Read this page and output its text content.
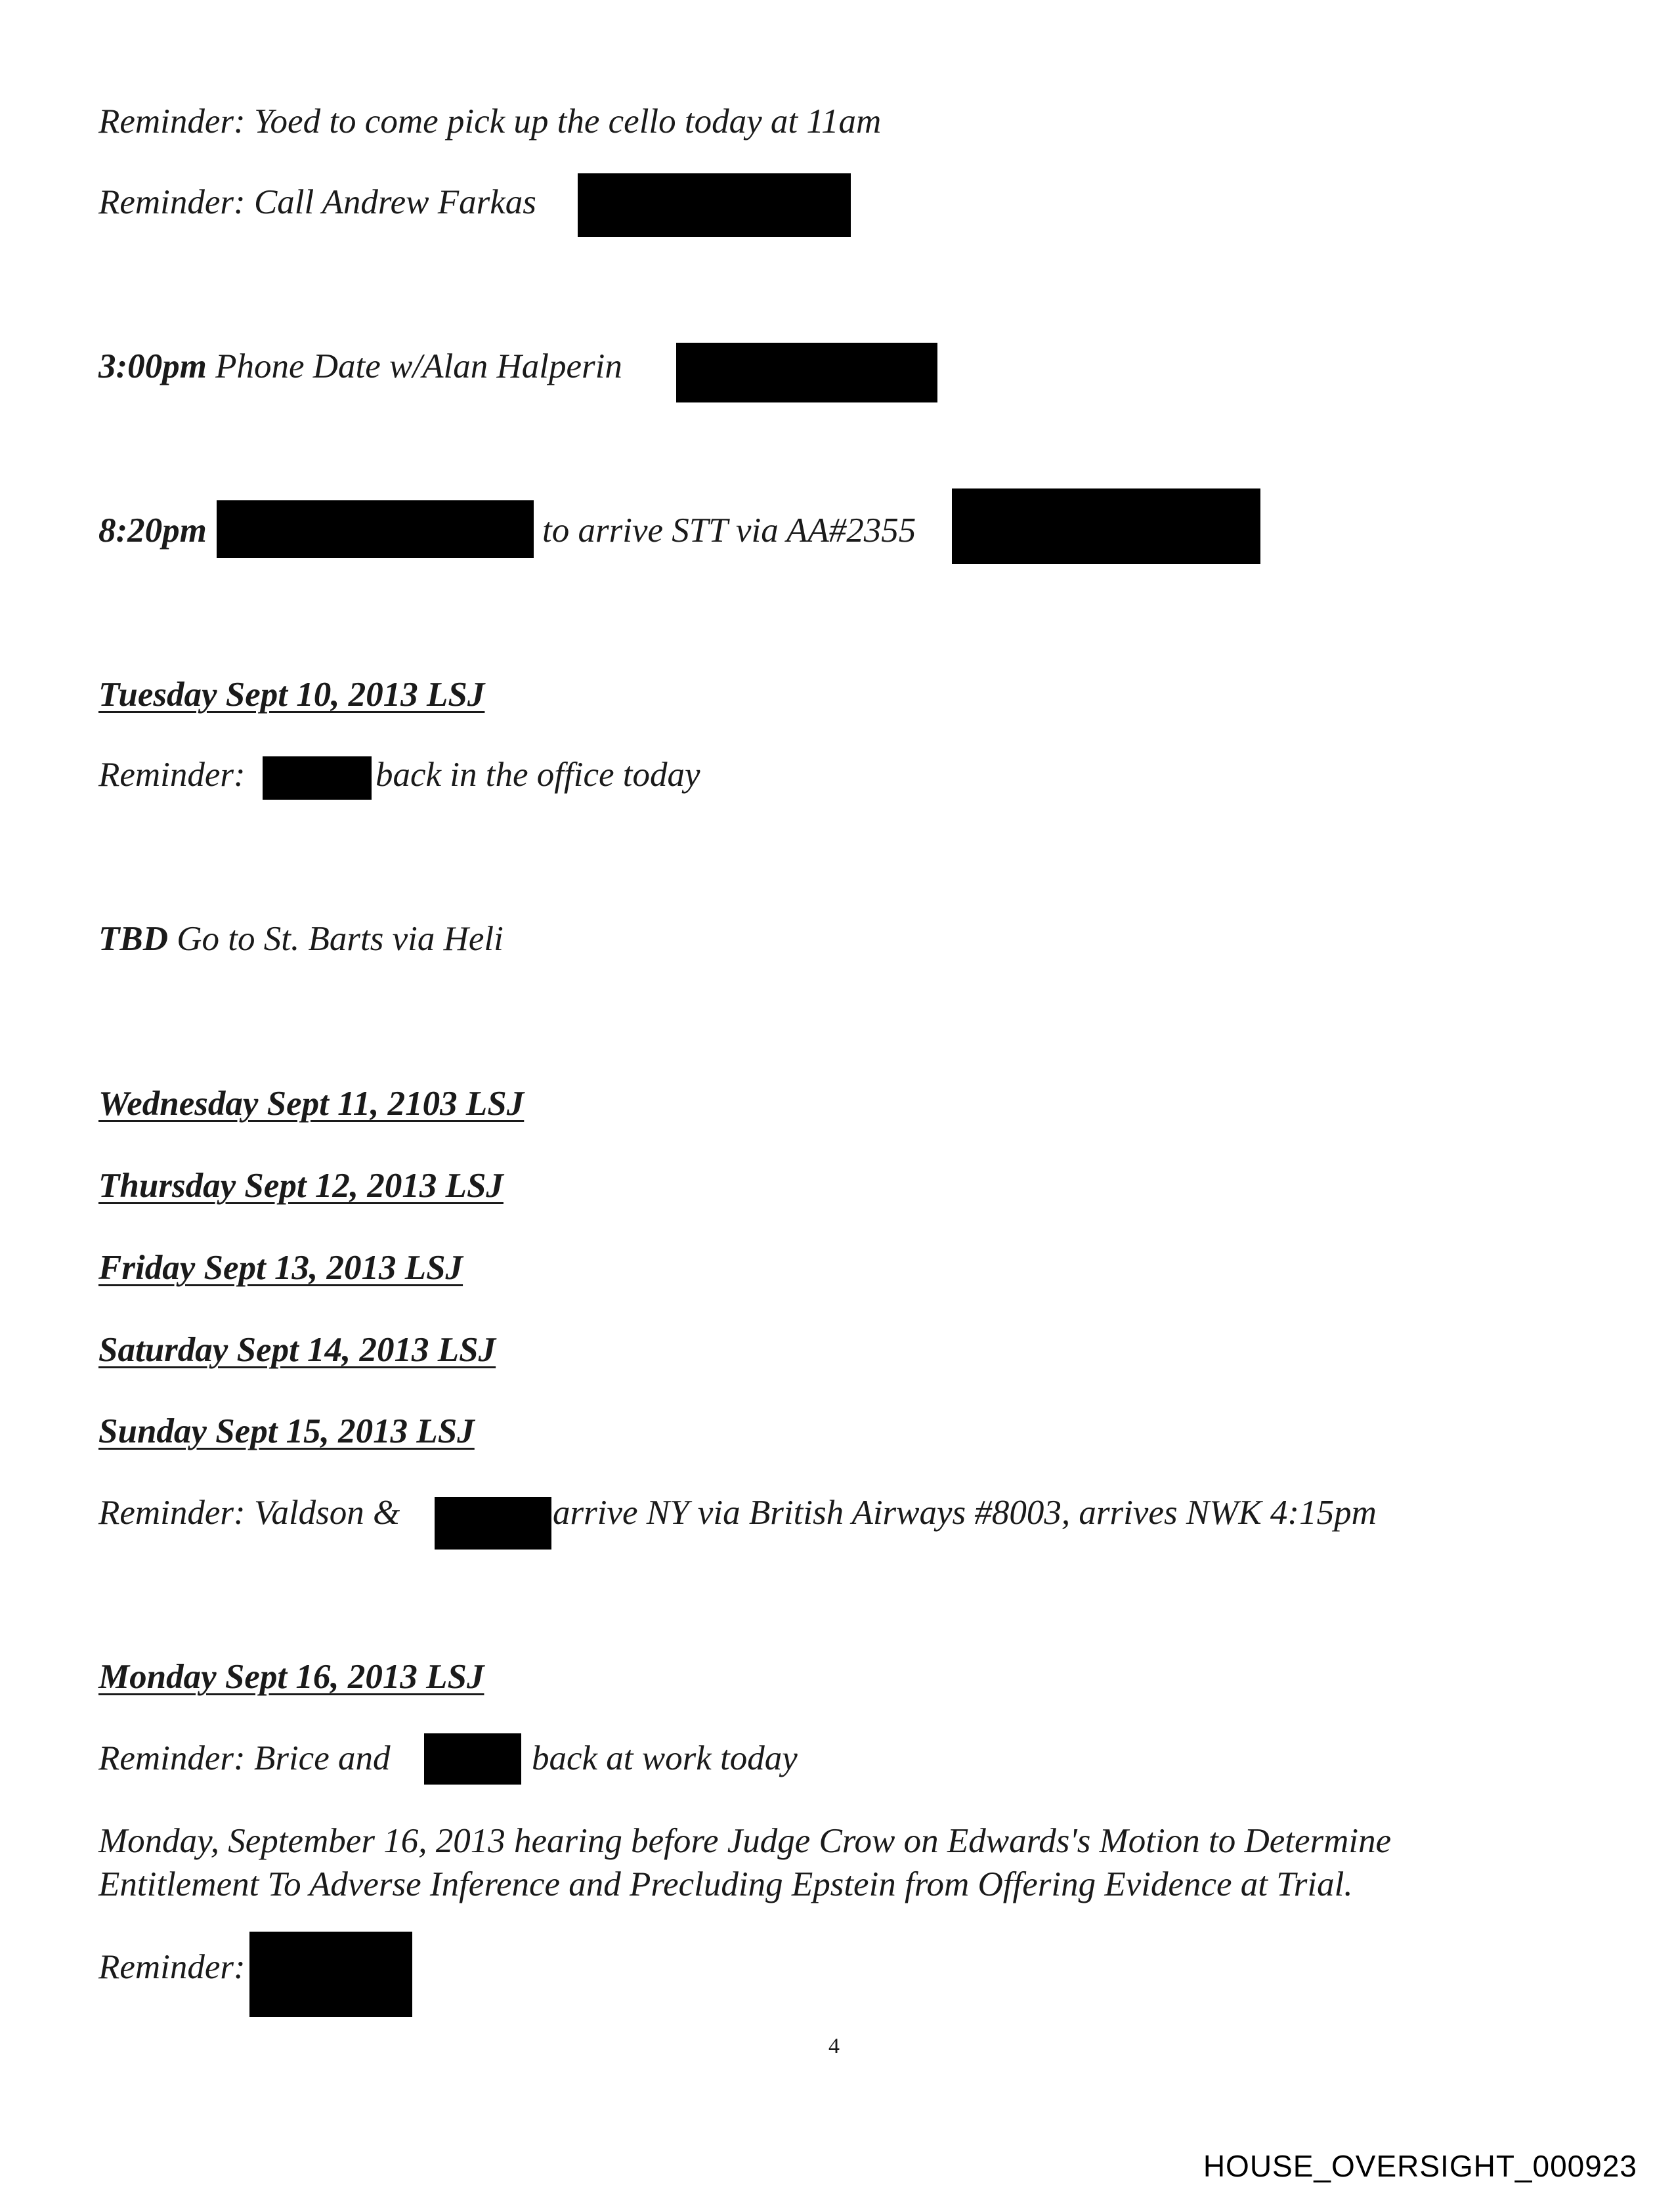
Reminder: Yoed to come pick up the cello today at 11am
Reminder: Call Andrew Farkas
3:00pm Phone Date w/Alan Halperin
8:20pm	to arrive STT via AA#2355
Tuesday Sept 10, 2013 LSJ
Reminder:	back in the office today
TBD Go to St. Barts via Heli
Wednesday Sept 11, 2103 LSJ
Thursday Sept 12, 2013 LSJ
Friday Sept 13, 2013 LSJ
Saturday Sept 14, 2013 LSJ
Sunday Sept 15, 2013 LSJ
Reminder: Valdson &	arrive NY via British Airways #8003, arrives NWK 4:15pm
Monday Sept 16, 2013 LSJ
Reminder: Brice and	back at work today
Monday, September 16, 2013 hearing before Judge Crow on Edwards's Motion to Determine
Entitlement To Adverse Inference and Precluding Epstein from Offering Evidence at Trial.
Reminder:
4
HOUSE_OVERSIGHT_000923
